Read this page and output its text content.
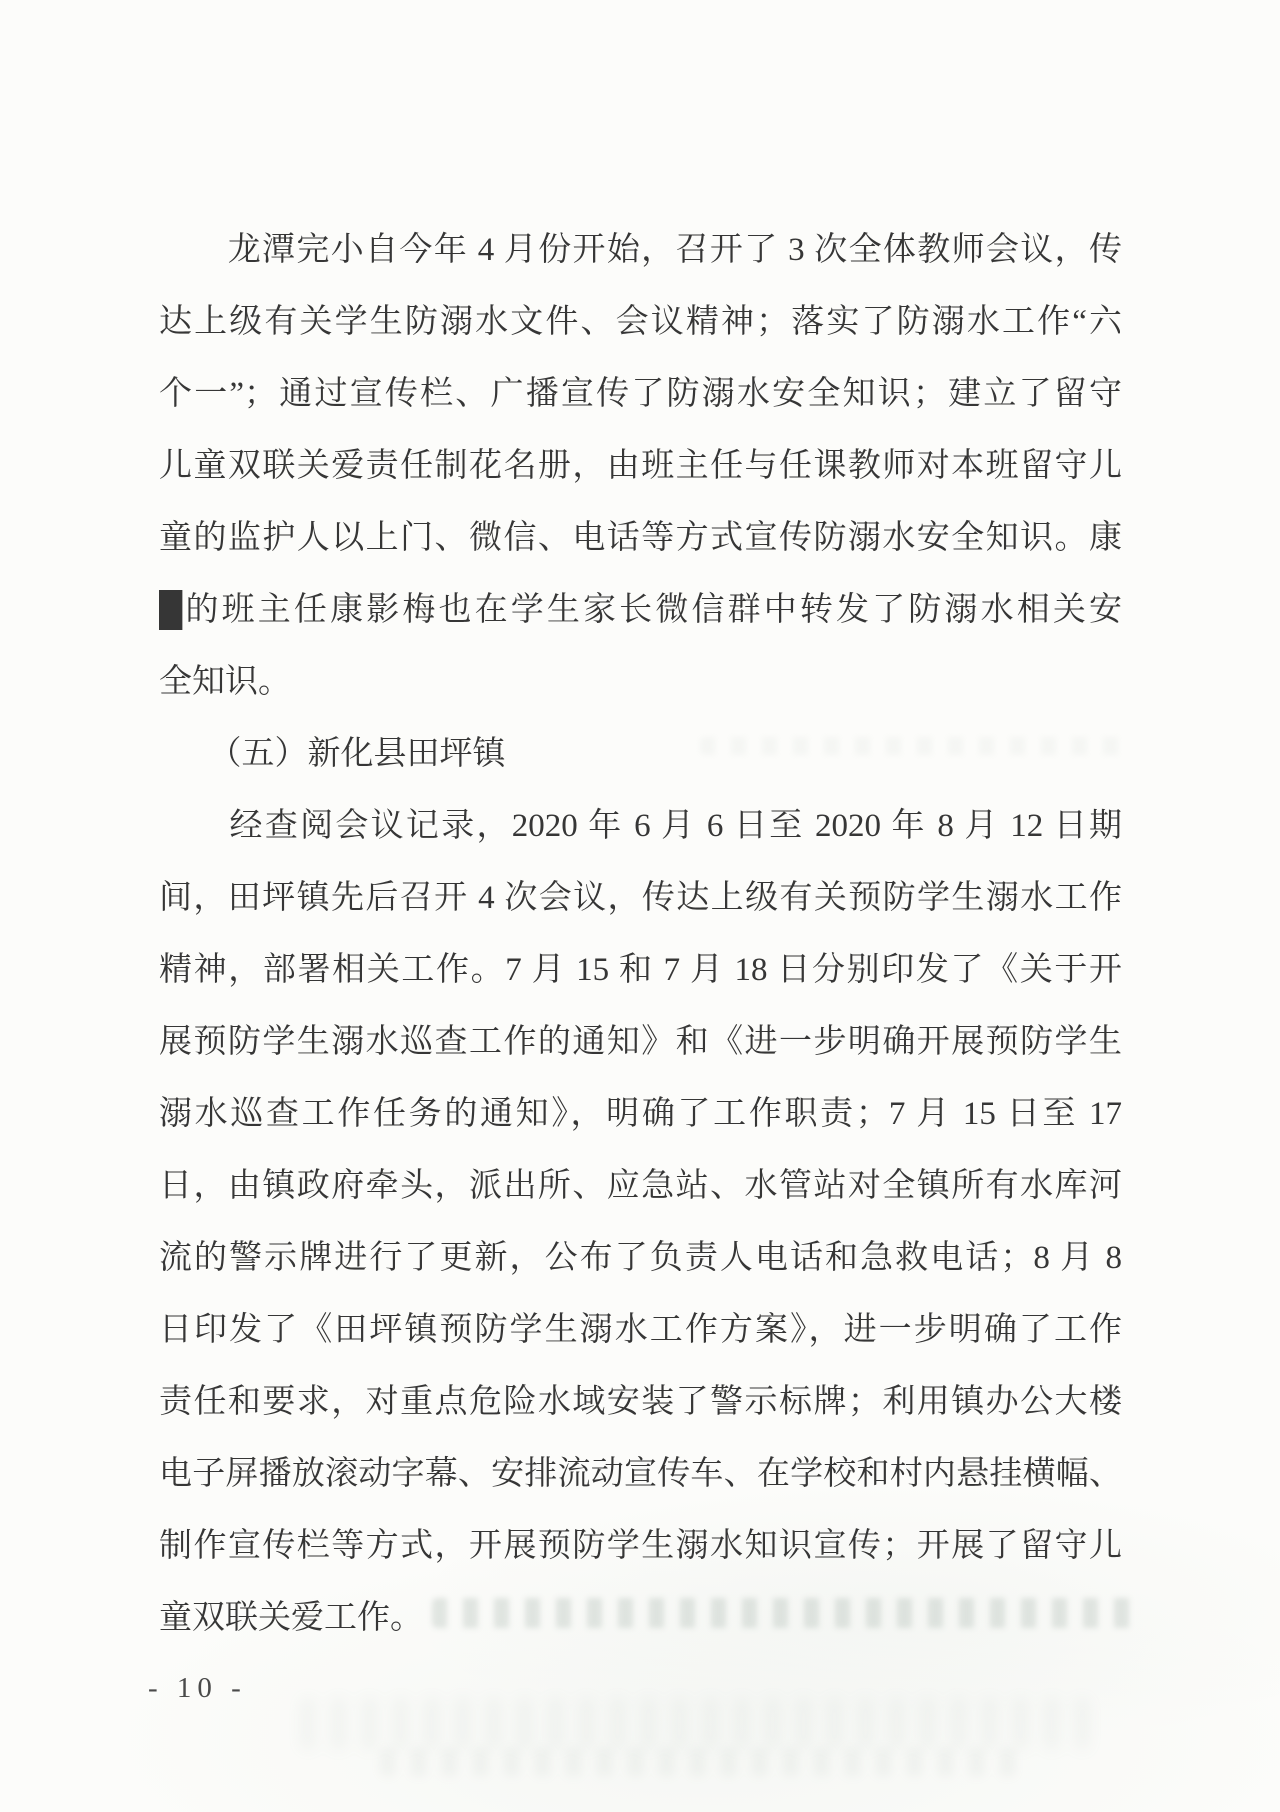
　　龙潭完小自今年 4 月份开始，召开了 3 次全体教师会议，传
达上级有关学生防溺水文件、会议精神；落实了防溺水工作“六
个一”；通过宣传栏、广播宣传了防溺水安全知识；建立了留守
儿童双联关爱责任制花名册，由班主任与任课教师对本班留守儿
童的监护人以上门、微信、电话等方式宣传防溺水安全知识。康
█的班主任康影梅也在学生家长微信群中转发了防溺水相关安
全知识。
　　（五）新化县田坪镇
　　经查阅会议记录，2020 年 6 月 6 日至 2020 年 8 月 12 日期
间，田坪镇先后召开 4 次会议，传达上级有关预防学生溺水工作
精神，部署相关工作。7 月 15 和 7 月 18 日分别印发了《关于开
展预防学生溺水巡查工作的通知》和《进一步明确开展预防学生
溺水巡查工作任务的通知》，明确了工作职责；7 月 15 日至 17
日，由镇政府牵头，派出所、应急站、水管站对全镇所有水库河
流的警示牌进行了更新，公布了负责人电话和急救电话；8 月 8
日印发了《田坪镇预防学生溺水工作方案》，进一步明确了工作
责任和要求，对重点危险水域安装了警示标牌；利用镇办公大楼
电子屏播放滚动字幕、安排流动宣传车、在学校和村内悬挂横幅、
制作宣传栏等方式，开展预防学生溺水知识宣传；开展了留守儿
童双联关爱工作。
- 10 -
